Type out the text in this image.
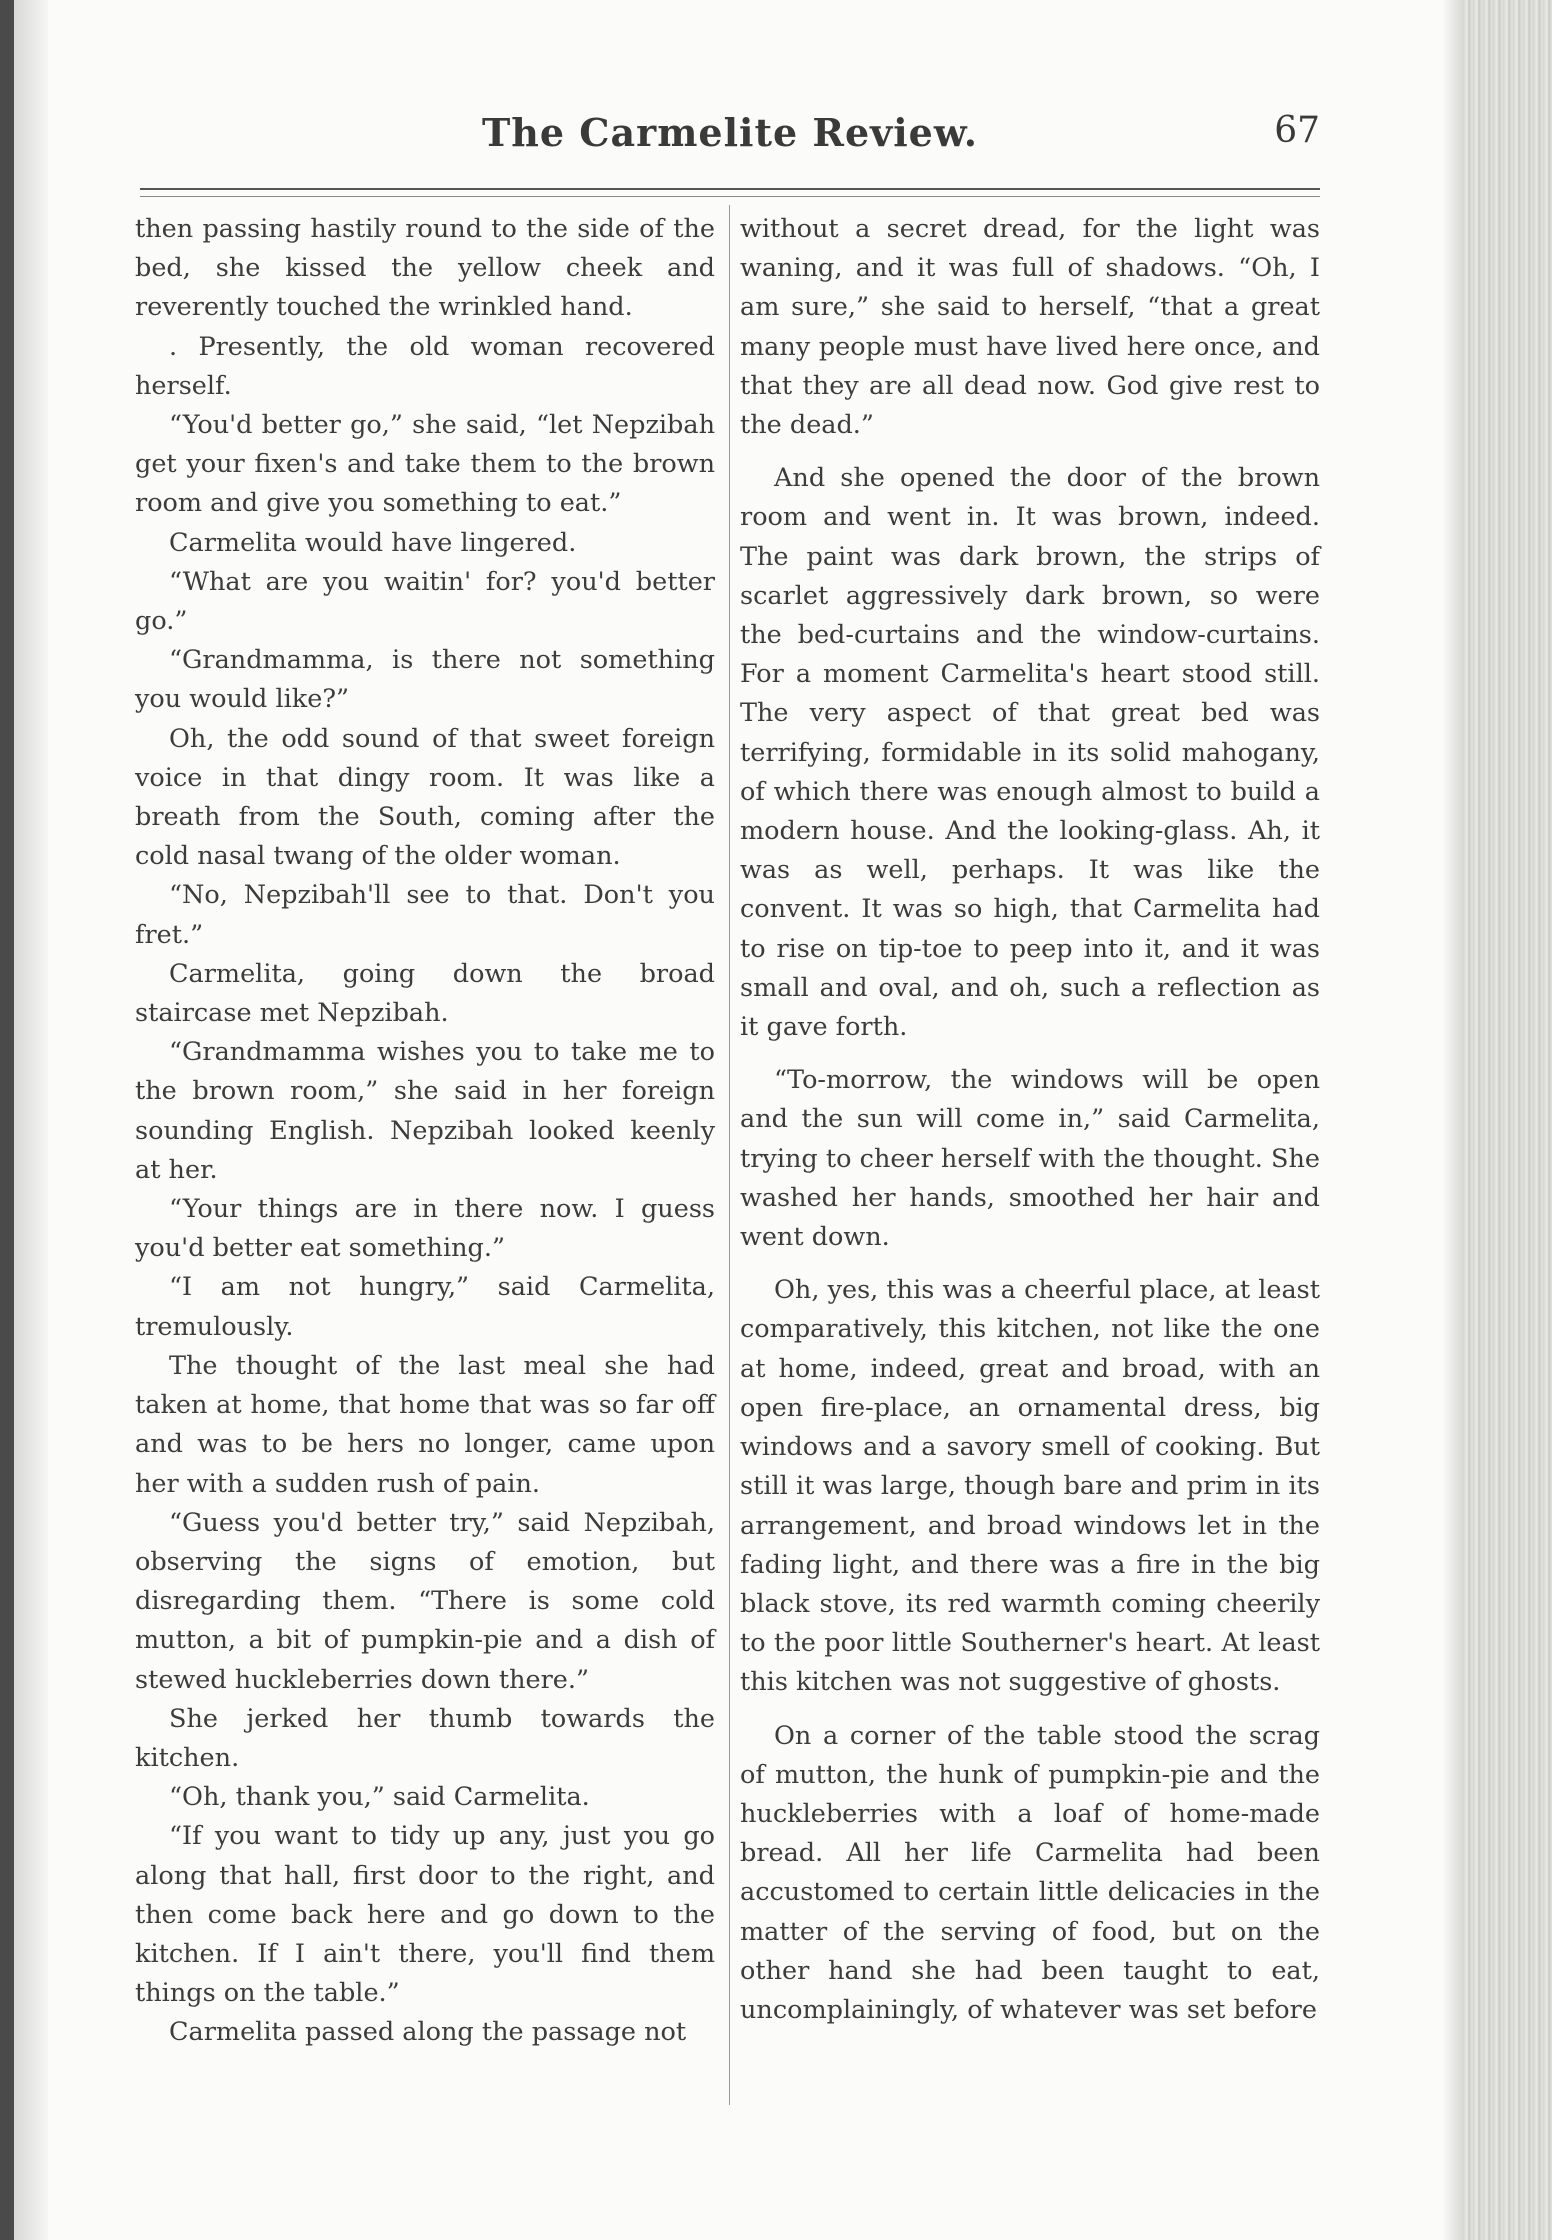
The Carmelite Review.	67

then passing hastily round to the side of the bed, she kissed the yellow cheek and reverently touched the wrinkled hand.

. Presently, the old woman recovered herself.

“You'd better go,” she said, “let Nepzibah get your fixen's and take them to the brown room and give you something to eat.”

Carmelita would have lingered.

“What are you waitin' for? you'd better go.”

“Grandmamma, is there not something you would like?”

Oh, the odd sound of that sweet foreign voice in that dingy room. It was like a breath from the South, coming after the cold nasal twang of the older woman.

“No, Nepzibah'll see to that. Don't you fret.”

Carmelita, going down the broad staircase met Nepzibah.

“Grandmamma wishes you to take me to the brown room,” she said in her foreign sounding English. Nepzibah looked keenly at her.

“Your things are in there now. I guess you'd better eat something.”

“I am not hungry,” said Carmelita, tremulously.

The thought of the last meal she had taken at home, that home that was so far off and was to be hers no longer, came upon her with a sudden rush of pain.

“Guess you'd better try,” said Nepzibah, observing the signs of emotion, but disregarding them. “There is some cold mutton, a bit of pumpkin-pie and a dish of stewed huckleberries down there.”

She jerked her thumb towards the kitchen.

“Oh, thank you,” said Carmelita.

“If you want to tidy up any, just you go along that hall, first door to the right, and then come back here and go down to the kitchen. If I ain't there, you'll find them things on the table.”

Carmelita passed along the passage not

without a secret dread, for the light was waning, and it was full of shadows. “Oh, I am sure,” she said to herself, “that a great many people must have lived here once, and that they are all dead now. God give rest to the dead.”

And she opened the door of the brown room and went in. It was brown, indeed. The paint was dark brown, the strips of scarlet aggressively dark brown, so were the bed-curtains and the window-curtains. For a moment Carmelita's heart stood still. The very aspect of that great bed was terrifying, formidable in its solid mahogany, of which there was enough almost to build a modern house. And the looking-glass. Ah, it was as well, perhaps. It was like the convent. It was so high, that Carmelita had to rise on tip-toe to peep into it, and it was small and oval, and oh, such a reflection as it gave forth.

“To-morrow, the windows will be open and the sun will come in,” said Carmelita, trying to cheer herself with the thought. She washed her hands, smoothed her hair and went down.

Oh, yes, this was a cheerful place, at least comparatively, this kitchen, not like the one at home, indeed, great and broad, with an open fire-place, an ornamental dress, big windows and a savory smell of cooking. But still it was large, though bare and prim in its arrangement, and broad windows let in the fading light, and there was a fire in the big black stove, its red warmth coming cheerily to the poor little Southerner's heart. At least this kitchen was not suggestive of ghosts.

On a corner of the table stood the scrag of mutton, the hunk of pumpkin-pie and the huckleberries with a loaf of home-made bread. All her life Carmelita had been accustomed to certain little delicacies in the matter of the serving of food, but on the other hand she had been taught to eat, uncomplainingly, of whatever was set before
